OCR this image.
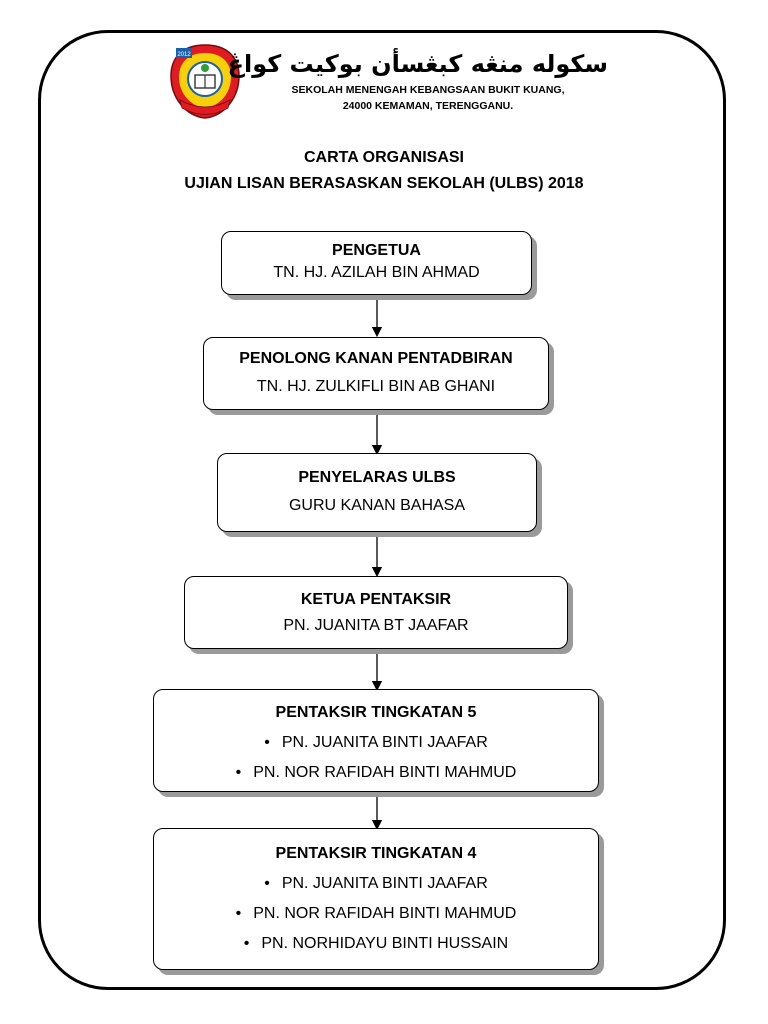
2012 سکوله منڠه کبڠسأن بوکيت کواڠ
SEKOLAH MENENGAH KEBANGSAAN BUKIT KUANG,
24000 KEMAMAN, TERENGGANU.
CARTA ORGANISASI
UJIAN LISAN BERASASKAN SEKOLAH (ULBS) 2018
PENGETUA
TN. HJ. AZILAH BIN AHMAD
PENOLONG KANAN PENTADBIRAN
TN. HJ. ZULKIFLI BIN AB GHANI
PENYELARAS ULBS
GURU KANAN BAHASA
KETUA PENTAKSIR
PN. JUANITA BT JAAFAR
PENTAKSIR TINGKATAN 5
• PN. JUANITA BINTI JAAFAR
• PN. NOR RAFIDAH BINTI MAHMUD
PENTAKSIR TINGKATAN 4
• PN. JUANITA BINTI JAAFAR
• PN. NOR RAFIDAH BINTI MAHMUD
• PN. NORHIDAYU BINTI HUSSAIN
